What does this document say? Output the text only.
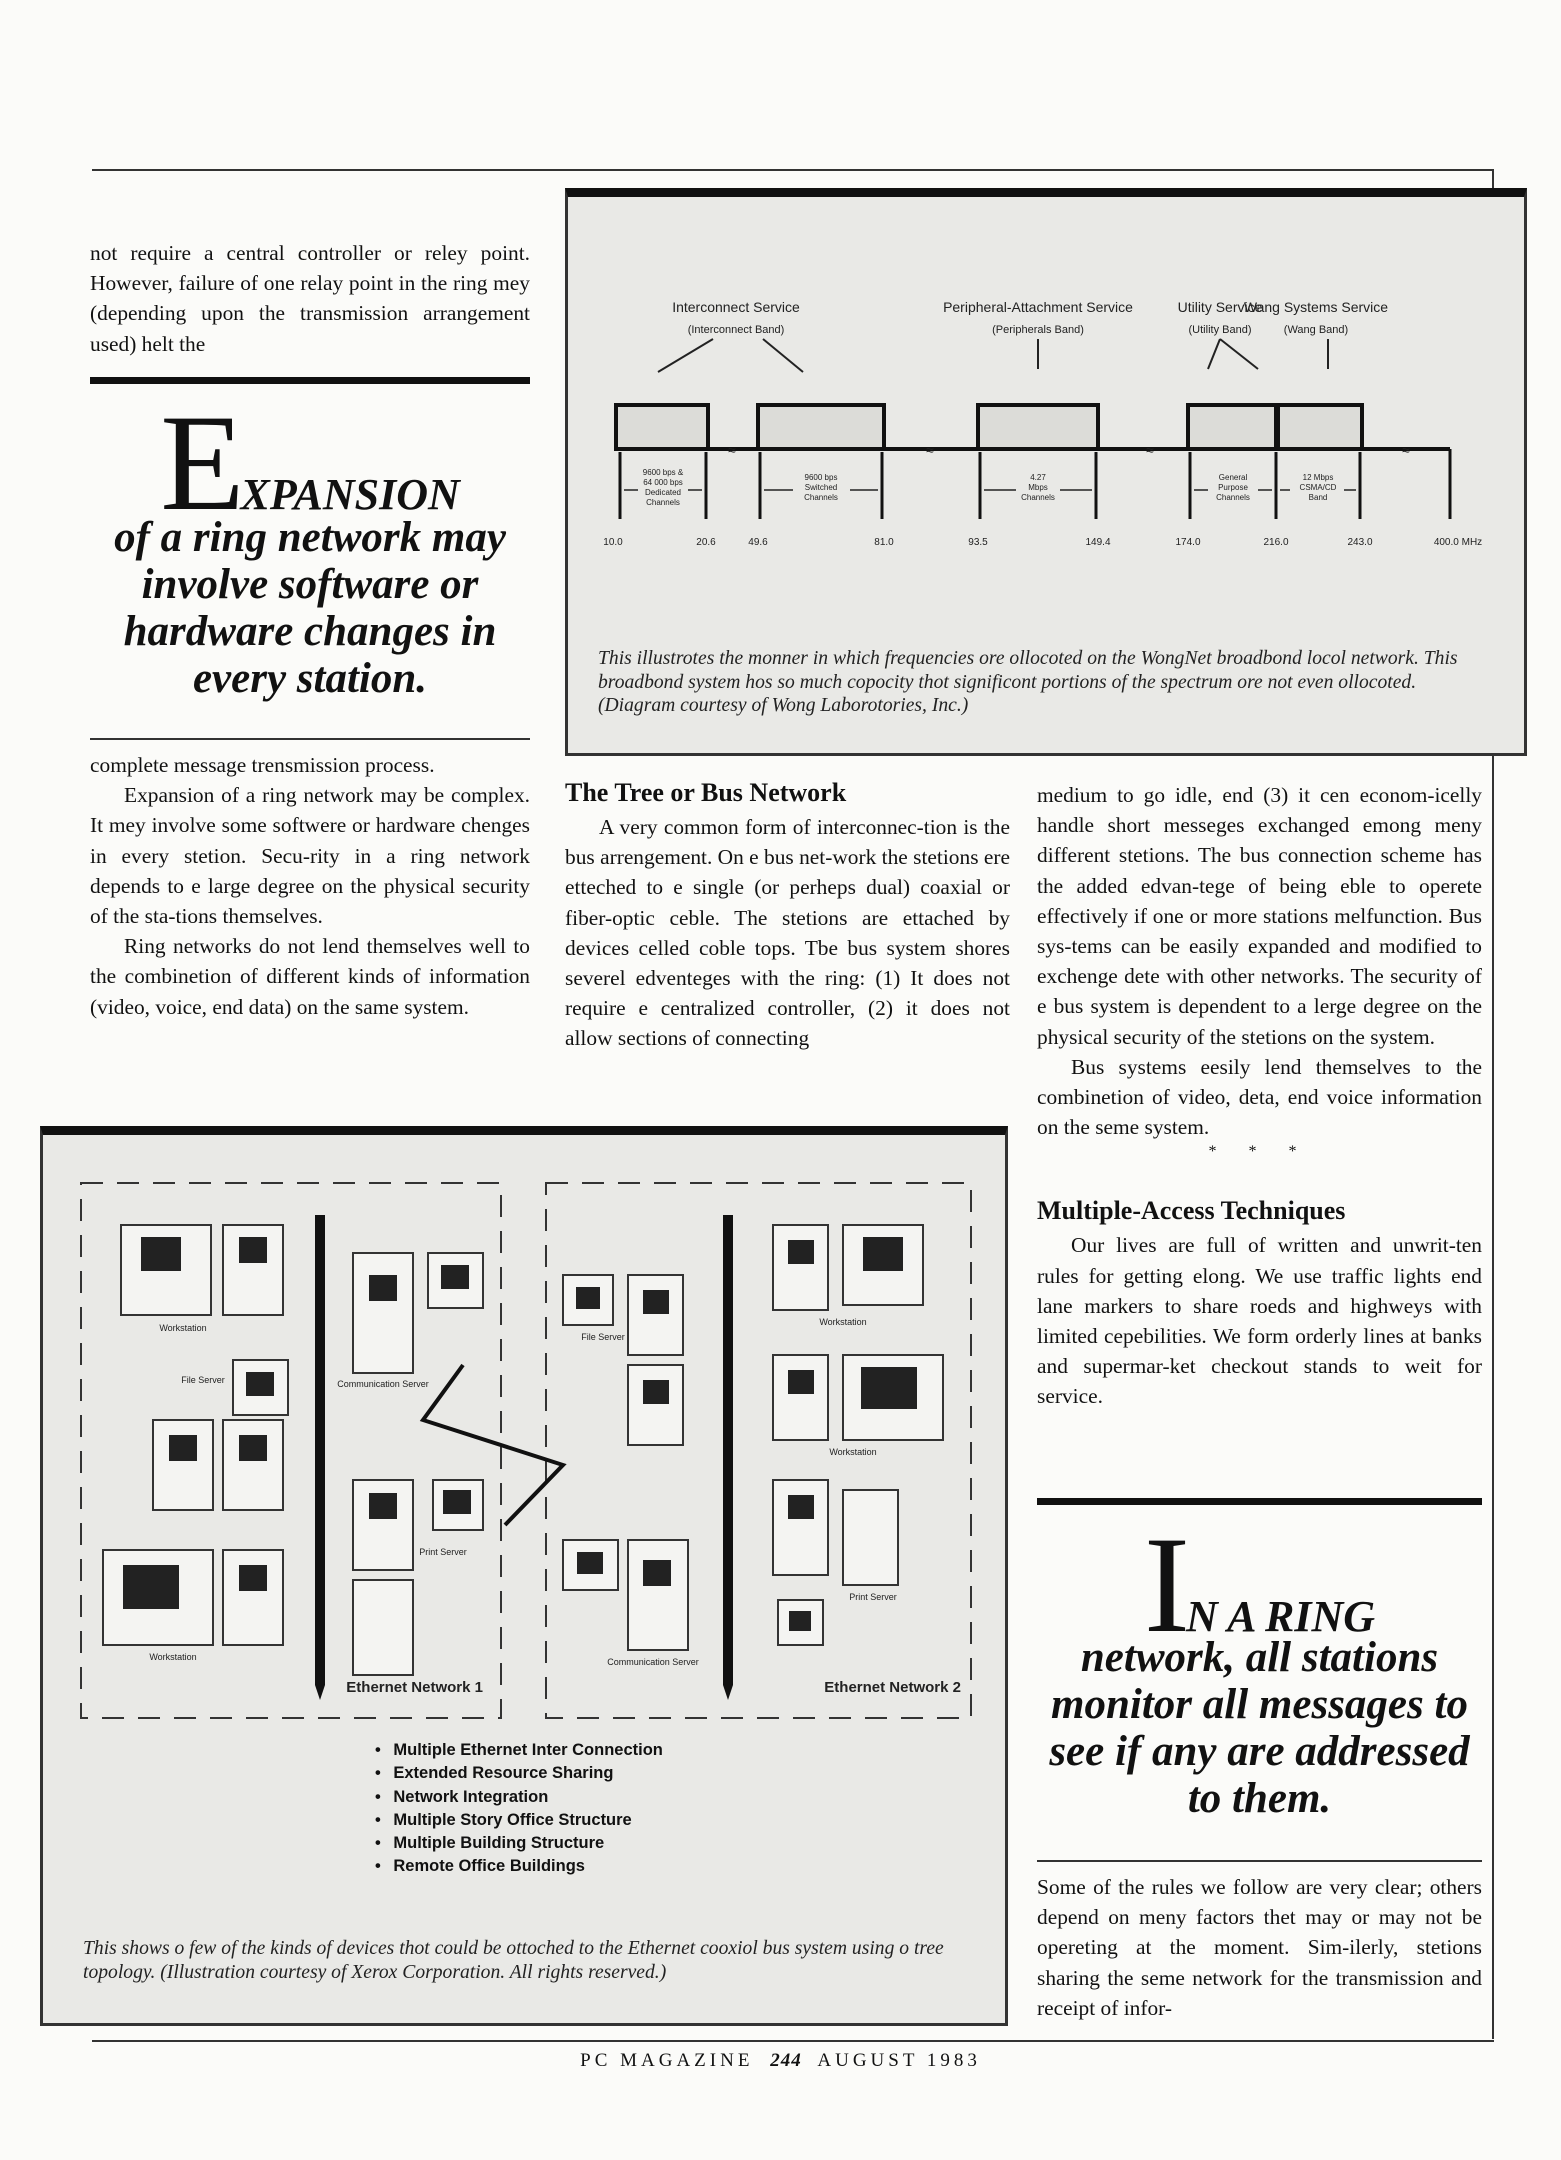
not require a central controller or reley point. However, failure of one relay point in the ring mey (depending upon the transmission arrangement used) helt the

EXPANSION
of a ring network may involve software or hardware changes in every station.

complete message trensmission process.

Expansion of a ring network may be complex. It mey involve some softwere or hardware chenges in every stetion. Secu-rity in a ring network depends to e large degree on the physical security of the sta-tions themselves.

Ring networks do not lend themselves well to the combinetion of different kinds of information (video, voice, end data) on the same system.

Interconnect Service
(Interconnect Band)
Peripheral-Attachment Service
(Peripherals Band)
Utility Service
(Utility Band)
Wang Systems Service
(Wang Band)
≈	≈	≈	≈
9600 bps &
64 000 bps
Dedicated
Channels
9600 bps
Switched
Channels
4.27
Mbps
Channels
General
Purpose
Channels
12 Mbps
CSMA/CD
Band
10.0	20.6	49.6	81.0	93.5	149.4	174.0	216.0	243.0	400.0 MHz
This illustrotes the monner in which frequencies ore ollocoted on the WongNet broadbond locol network. This broadbond system hos so much copocity thot significont portions of the spectrum ore not even ollocoted. (Diagram courtesy of Wong Laborotories, Inc.)
The Tree or Bus Network

A very common form of interconnec-tion is the bus arrengement. On e bus net-work the stetions ere etteched to e single (or perheps dual) coaxial or fiber-optic ceble. The stetions are ettached by devices celled coble tops. Tbe bus system shores severel edventeges with the ring: (1) It does not require e centralized controller, (2) it does not allow sections of connecting

medium to go idle, end (3) it cen econom-icelly handle short messeges exchanged emong meny different stetions. The bus connection scheme has the added edvan-tege of being eble to operete effectively if one or more stations melfunction. Bus sys-tems can be easily expanded and modified to exchenge dete with other networks. The security of e bus system is dependent to a lerge degree on the physical security of the stetions on the system.

Bus systems eesily lend themselves to the combinetion of video, deta, end voice information on the seme system.

* * *
Multiple-Access Techniques

Our lives are full of written and unwrit-ten rules for getting elong. We use traffic lights end lane markers to share roeds and highweys with limited cepebilities. We form orderly lines at banks and supermar-ket checkout stands to weit for service.

IN A RING
network, all stations monitor all messages to see if any are addressed to them.

Some of the rules we follow are very clear; others depend on meny factors thet may or may not be opereting at the moment. Sim-ilerly, stetions sharing the seme network for the transmission and receipt of infor-

Workstation
File Server	Communication Server
Print Server
Workstation
File Server
Workstation
Workstation
Print Server
Communication Server
Ethernet Network 1	Ethernet Network 2
• Multiple Ethernet Inter Connection
• Extended Resource Sharing
• Network Integration
• Multiple Story Office Structure
• Multiple Building Structure
• Remote Office Buildings
This shows o few of the kinds of devices thot could be ottoched to the Ethernet cooxiol bus system using o tree topology. (Illustration courtesy of Xerox Corporation. All rights reserved.)
PC MAGAZINE 244 AUGUST 1983
